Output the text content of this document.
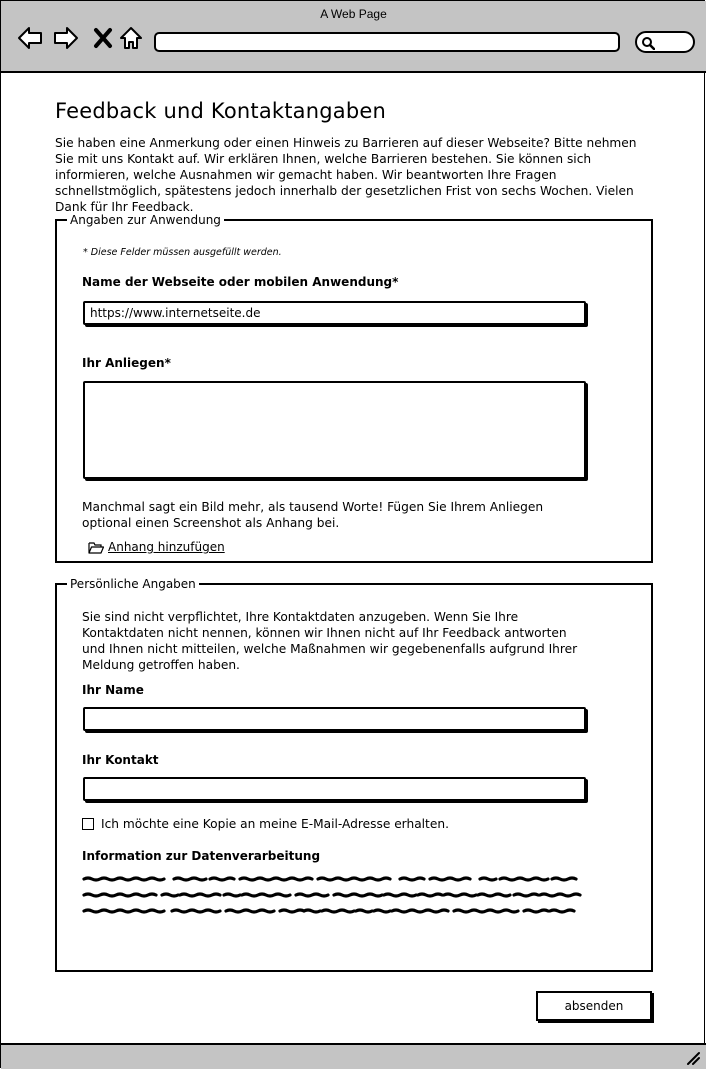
A Web Page
Feedback und Kontaktangaben

Sie haben eine Anmerkung oder einen Hinweis zu Barrieren auf dieser Webseite? Bitte nehmen Sie mit uns Kontakt auf. Wir erklären Ihnen, welche Barrieren bestehen. Sie können sich informieren, welche Ausnahmen wir gemacht haben. Wir beantworten Ihre Fragen schnellstmöglich, spätestens jedoch innerhalb der gesetzlichen Frist von sechs Wochen. Vielen Dank für Ihr Feedback.

Angaben zur Anwendung
* Diese Felder müssen ausgefüllt werden.
Name der Webseite oder mobilen Anwendung*
https://www.internetseite.de
Ihr Anliegen*
Manchmal sagt ein Bild mehr, als tausend Worte! Fügen Sie Ihrem Anliegen optional einen Screenshot als Anhang bei.
Anhang hinzufügen
Persönliche Angaben
Sie sind nicht verpflichtet, Ihre Kontaktdaten anzugeben. Wenn Sie Ihre Kontaktdaten nicht nennen, können wir Ihnen nicht auf Ihr Feedback antworten und Ihnen nicht mitteilen, welche Maßnahmen wir gegebenenfalls aufgrund Ihrer Meldung getroffen haben.
Ihr Name
Ihr Kontakt
Ich möchte eine Kopie an meine E-Mail-Adresse erhalten.
Information zur Datenverarbeitung
absenden
